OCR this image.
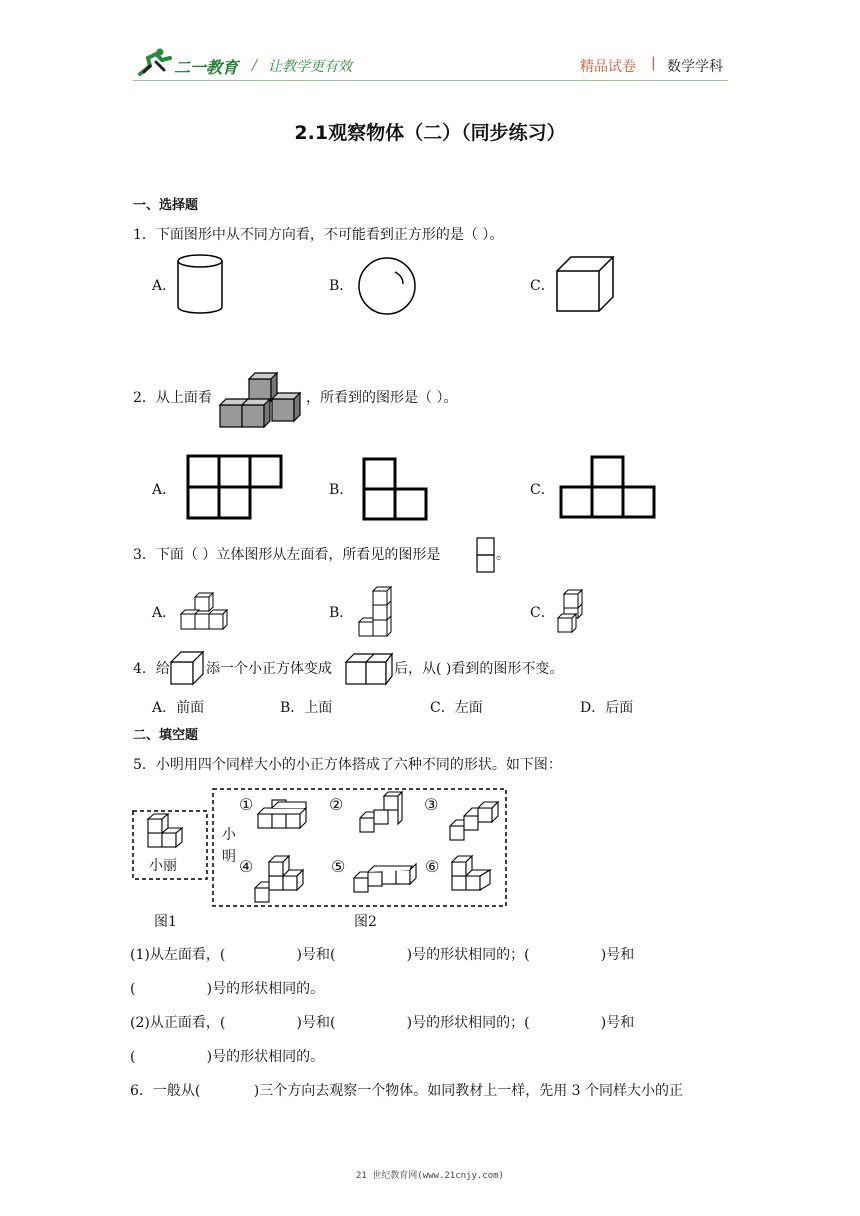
二一教育 / 让教学更有效	精品试卷 | 数学学科
2.1观察物体（二）（同步练习）
一、选择题
1．下面图形中从不同方向看，不可能看到正方形的是（ ）。
A．	B．	C．
2．从上面看	，所看到的图形是（ ）。
A．	B．	C．
3．下面（ ）立体图形从左面看，所看见的图形是	。
A．	B．	C．
4．给	添一个小正方体变成	后，从( )看到的图形不变。
A．前面	B．上面	C．左面	D．后面
二、填空题
5．小明用四个同样大小的小正方体搭成了六种不同的形状。如下图：
小丽
小明
①	②	③
④	⑤	⑥
图1	图2
(1)从左面看，(                )号和(                )号的形状相同的；(                )号和
(                )号的形状相同的。
(2)从正面看，(                )号和(                )号的形状相同的；(                )号和
(                )号的形状相同的。
6．一般从(            )三个方向去观察一个物体。如同教材上一样，先用 3 个同样大小的正
21 世纪教育网(www.21cnjy.com)
